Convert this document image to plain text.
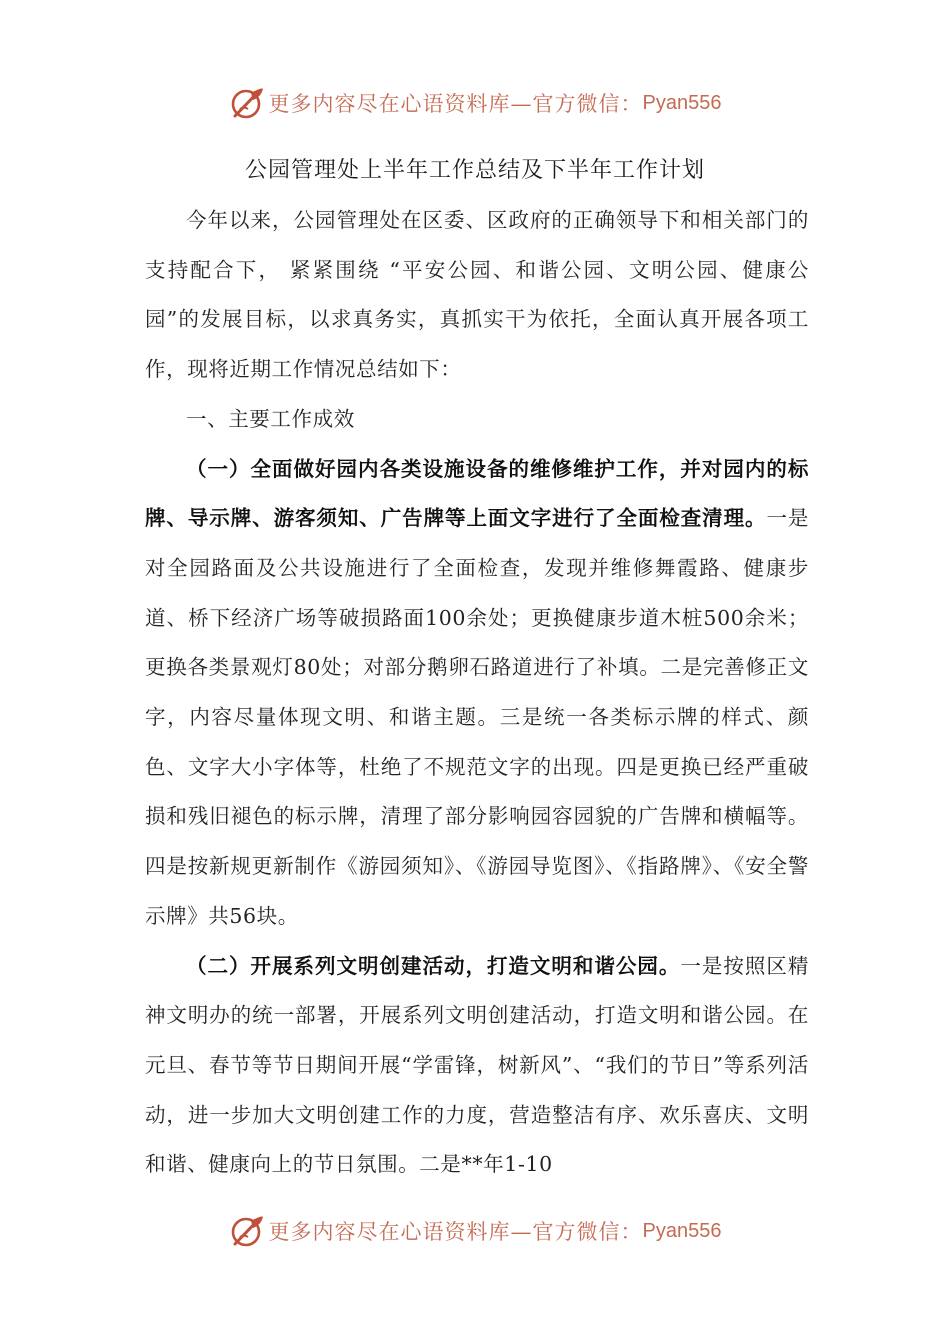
更多内容尽在心语资料库—官方微信： Pyan556
公园管理处上半年工作总结及下半年工作计划

今年以来，公园管理处在区委、区政府的正确领导下和相关部门的支持配合下， 紧紧围绕 “平安公园、和谐公园、文明公园、健康公园”的发展目标，以求真务实，真抓实干为依托，全面认真开展各项工作，现将近期工作情况总结如下：

一、主要工作成效

（一）全面做好园内各类设施设备的维修维护工作，并对园内的标牌、导示牌、游客须知、广告牌等上面文字进行了全面检查清理。一是对全园路面及公共设施进行了全面检查，发现并维修舞霞路、健康步道、桥下经济广场等破损路面100余处；更换健康步道木桩500余米；更换各类景观灯80处；对部分鹅卵石路道进行了补填。二是完善修正文字，内容尽量体现文明、和谐主题。三是统一各类标示牌的样式、颜色、文字大小字体等，杜绝了不规范文字的出现。四是更换已经严重破损和残旧褪色的标示牌，清理了部分影响园容园貌的广告牌和横幅等。四是按新规更新制作《游园须知》、《游园导览图》、《指路牌》、《安全警示牌》共56块。

（二）开展系列文明创建活动，打造文明和谐公园。一是按照区精神文明办的统一部署，开展系列文明创建活动，打造文明和谐公园。在元旦、春节等节日期间开展“学雷锋，树新风”、“我们的节日”等系列活动，进一步加大文明创建工作的力度，营造整洁有序、欢乐喜庆、文明和谐、健康向上的节日氛围。二是**年1-10

更多内容尽在心语资料库—官方微信： Pyan556
